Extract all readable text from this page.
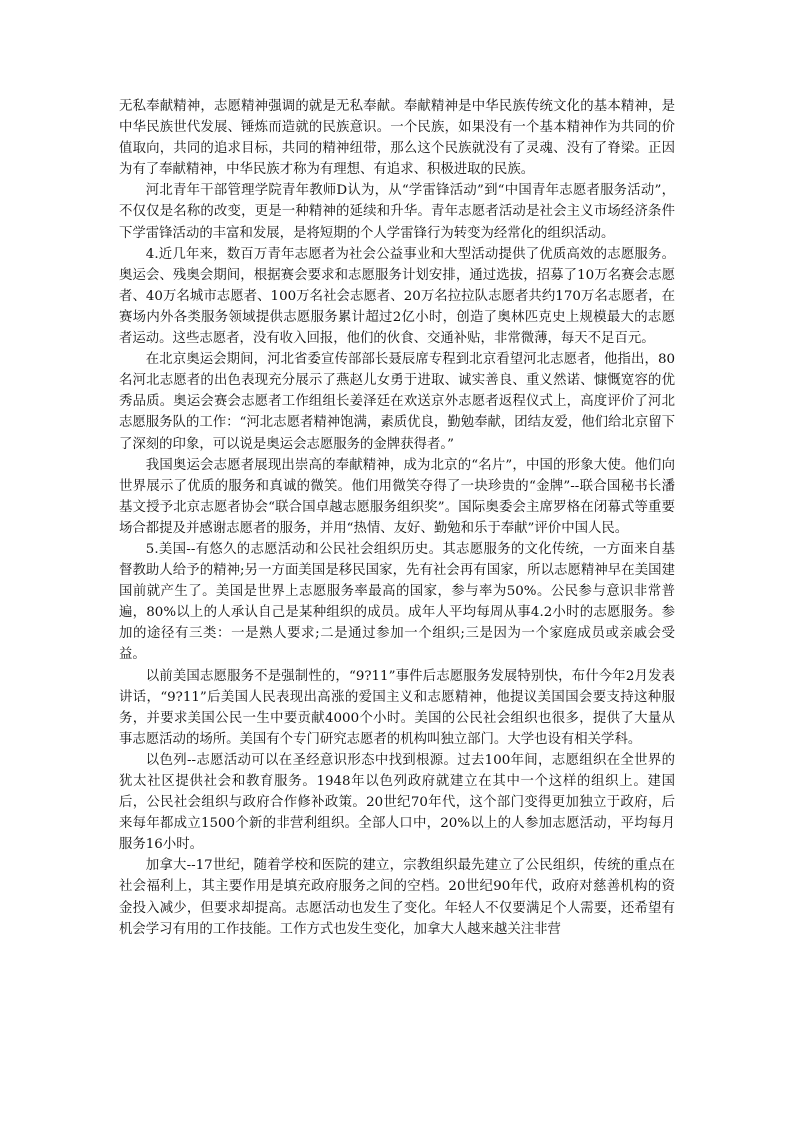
无私奉献精神，志愿精神强调的就是无私奉献。奉献精神是中华民族传统文化的基本精神，是中华民族世代发展、锤炼而造就的民族意识。一个民族，如果没有一个基本精神作为共同的价值取向，共同的追求目标，共同的精神纽带，那么这个民族就没有了灵魂、没有了脊梁。正因为有了奉献精神，中华民族才称为有理想、有追求、积极进取的民族。

河北青年干部管理学院青年教师D认为，从“学雷锋活动”到“中国青年志愿者服务活动”，不仅仅是名称的改变，更是一种精神的延续和升华。青年志愿者活动是社会主义市场经济条件下学雷锋活动的丰富和发展，是将短期的个人学雷锋行为转变为经常化的组织活动。

4.近几年来，数百万青年志愿者为社会公益事业和大型活动提供了优质高效的志愿服务。奥运会、残奥会期间，根据赛会要求和志愿服务计划安排，通过选拔，招募了10万名赛会志愿者、40万名城市志愿者、100万名社会志愿者、20万名拉拉队志愿者共约170万名志愿者，在赛场内外各类服务领域提供志愿服务累计超过2亿小时，创造了奥林匹克史上规模最大的志愿者运动。这些志愿者，没有收入回报，他们的伙食、交通补贴，非常微薄，每天不足百元。

在北京奥运会期间，河北省委宣传部部长聂辰席专程到北京看望河北志愿者，他指出，80名河北志愿者的出色表现充分展示了燕赵儿女勇于进取、诚实善良、重义然诺、慷慨宽容的优秀品质。奥运会赛会志愿者工作组组长姜泽廷在欢送京外志愿者返程仪式上，高度评价了河北志愿服务队的工作：“河北志愿者精神饱满，素质优良，勤勉奉献，团结友爱，他们给北京留下了深刻的印象，可以说是奥运会志愿服务的金牌获得者。”

我国奥运会志愿者展现出崇高的奉献精神，成为北京的“名片”，中国的形象大使。他们向世界展示了优质的服务和真诚的微笑。他们用微笑夺得了一块珍贵的“金牌”--联合国秘书长潘基文授予北京志愿者协会“联合国卓越志愿服务组织奖”。国际奥委会主席罗格在闭幕式等重要场合都提及并感谢志愿者的服务，并用“热情、友好、勤勉和乐于奉献”评价中国人民。

5.美国--有悠久的志愿活动和公民社会组织历史。其志愿服务的文化传统，一方面来自基督教助人给予的精神;另一方面美国是移民国家，先有社会再有国家，所以志愿精神早在美国建国前就产生了。美国是世界上志愿服务率最高的国家，参与率为50%。公民参与意识非常普遍，80%以上的人承认自己是某种组织的成员。成年人平均每周从事4.2小时的志愿服务。参加的途径有三类：一是熟人要求;二是通过参加一个组织;三是因为一个家庭成员或亲戚会受益。

以前美国志愿服务不是强制性的，“9?11”事件后志愿服务发展特别快，布什今年2月发表讲话，“9?11”后美国人民表现出高涨的爱国主义和志愿精神，他提议美国国会要支持这种服务，并要求美国公民一生中要贡献4000个小时。美国的公民社会组织也很多，提供了大量从事志愿活动的场所。美国有个专门研究志愿者的机构叫独立部门。大学也设有相关学科。

以色列--志愿活动可以在圣经意识形态中找到根源。过去100年间，志愿组织在全世界的犹太社区提供社会和教育服务。1948年以色列政府就建立在其中一个这样的组织上。建国后，公民社会组织与政府合作修补政策。20世纪70年代，这个部门变得更加独立于政府，后来每年都成立1500个新的非营利组织。全部人口中，20%以上的人参加志愿活动，平均每月服务16小时。

加拿大--17世纪，随着学校和医院的建立，宗教组织最先建立了公民组织，传统的重点在社会福利上，其主要作用是填充政府服务之间的空档。20世纪90年代，政府对慈善机构的资金投入减少，但要求却提高。志愿活动也发生了变化。年轻人不仅要满足个人需要，还希望有机会学习有用的工作技能。工作方式也发生变化，加拿大人越来越关注非营
